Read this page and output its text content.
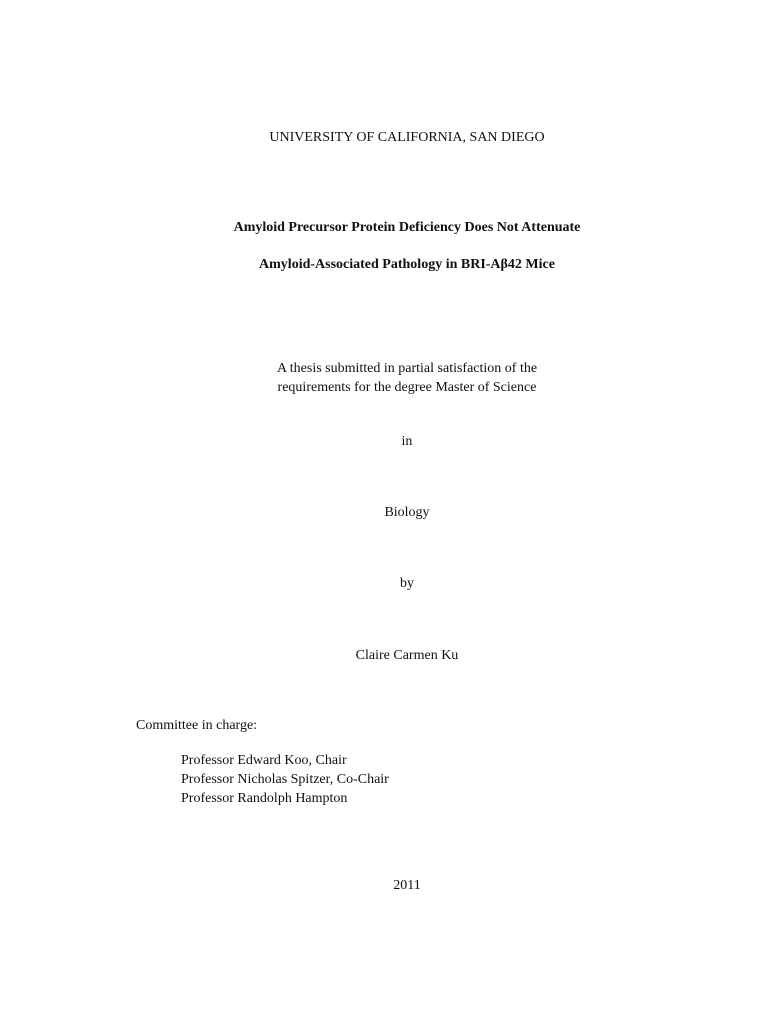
UNIVERSITY OF CALIFORNIA, SAN DIEGO
Amyloid Precursor Protein Deficiency Does Not Attenuate
Amyloid-Associated Pathology in BRI-Aβ42 Mice
A thesis submitted in partial satisfaction of the
requirements for the degree Master of Science
in
Biology
by
Claire Carmen Ku
Committee in charge:
Professor Edward Koo, Chair
Professor Nicholas Spitzer, Co-Chair
Professor Randolph Hampton
2011
